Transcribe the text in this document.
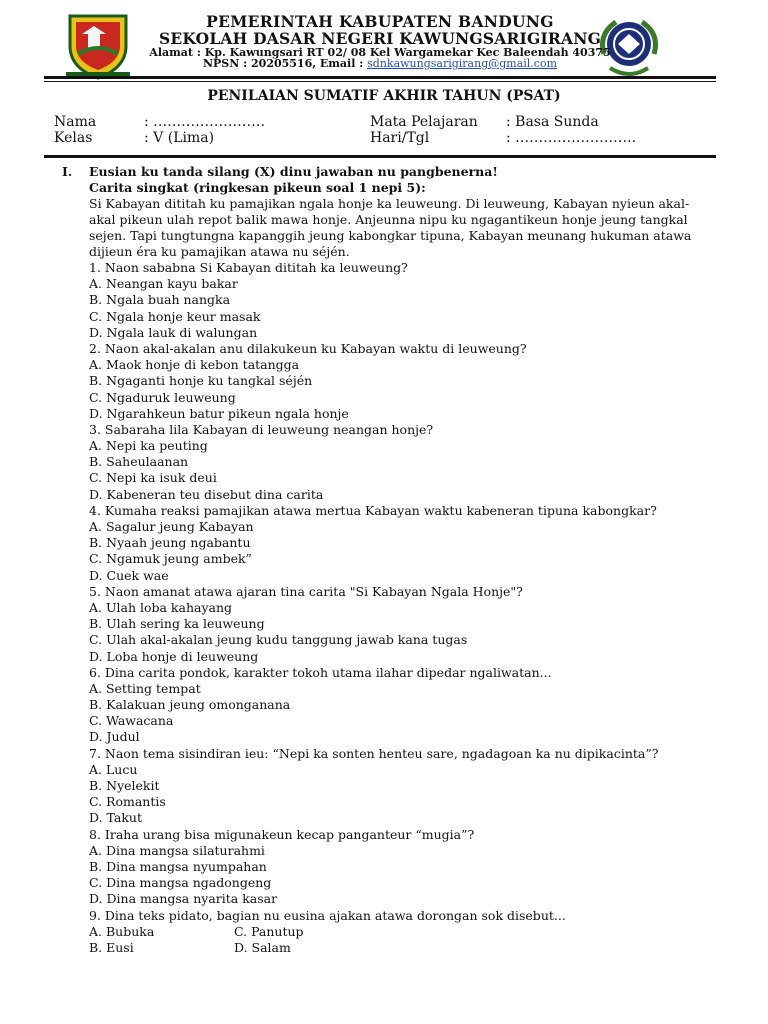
PEMERINTAH KABUPATEN BANDUNG
SEKOLAH DASAR NEGERI KAWUNGSARIGIRANG
Alamat : Kp. Kawungsari RT 02/ 08 Kel Wargamekar Kec Baleendah 40375
NPSN : 20205516, Email : sdnkawungsarigirang@gmail.com
PENILAIAN SUMATIF AKHIR TAHUN (PSAT)
Nama	: ……………………
Kelas	: V (Lima)
Mata Pelajaran : Basa Sunda
Hari/Tgl	: ……………………..
I. Eusian ku tanda silang (X) dinu jawaban nu pangbenerna!

Carita singkat (ringkesan pikeun soal 1 nepi 5):

Si Kabayan dititah ku pamajikan ngala honje ka leuweung. Di leuweung, Kabayan nyieun akal-akal pikeun ulah repot balik mawa honje. Anjeunna nipu ku ngagantikeun honje jeung tangkal sejen. Tapi tungtungna kapanggih jeung kabongkar tipuna, Kabayan meunang hukuman atawa dijieun éra ku pamajikan atawa nu séjén.

1. Naon sababna Si Kabayan dititah ka leuweung?
A. Neangan kayu bakar
B. Ngala buah nangka
C. Ngala honje keur masak
D. Ngala lauk di walungan
2. Naon akal-akalan anu dilakukeun ku Kabayan waktu di leuweung?
A. Maok honje di kebon tatangga
B. Ngaganti honje ku tangkal séjén
C. Ngaduruk leuweung
D. Ngarahkeun batur pikeun ngala honje
3. Sabaraha lila Kabayan di leuweung neangan honje?
A. Nepi ka peuting
B. Saheulaanan
C. Nepi ka isuk deui
D. Kabeneran teu disebut dina carita
4. Kumaha reaksi pamajikan atawa mertua Kabayan waktu kabeneran tipuna kabongkar?
A. Sagalur jeung Kabayan
B. Nyaah jeung ngabantu
C. Ngamuk jeung ambek”
D. Cuek wae
5. Naon amanat atawa ajaran tina carita "Si Kabayan Ngala Honje"?
A. Ulah loba kahayang
B. Ulah sering ka leuweung
C. Ulah akal-akalan jeung kudu tanggung jawab kana tugas
D. Loba honje di leuweung
6. Dina carita pondok, karakter tokoh utama ilahar dipedar ngaliwatan...
A. Setting tempat
B. Kalakuan jeung omonganana
C. Wawacana
D. Judul
7. Naon tema sisindiran ieu: “Nepi ka sonten henteu sare, ngadagoan ka nu dipikacinta”?
A. Lucu
B. Nyelekit
C. Romantis
D. Takut
8. Iraha urang bisa migunakeun kecap panganteur “mugia”?
A. Dina mangsa silaturahmi
B. Dina mangsa nyumpahan
C. Dina mangsa ngadongeng
D. Dina mangsa nyarita kasar
9. Dina teks pidato, bagian nu eusina ajakan atawa dorongan sok disebut...
A. Bubuka	C. Panutup
B. Eusi	D. Salam
